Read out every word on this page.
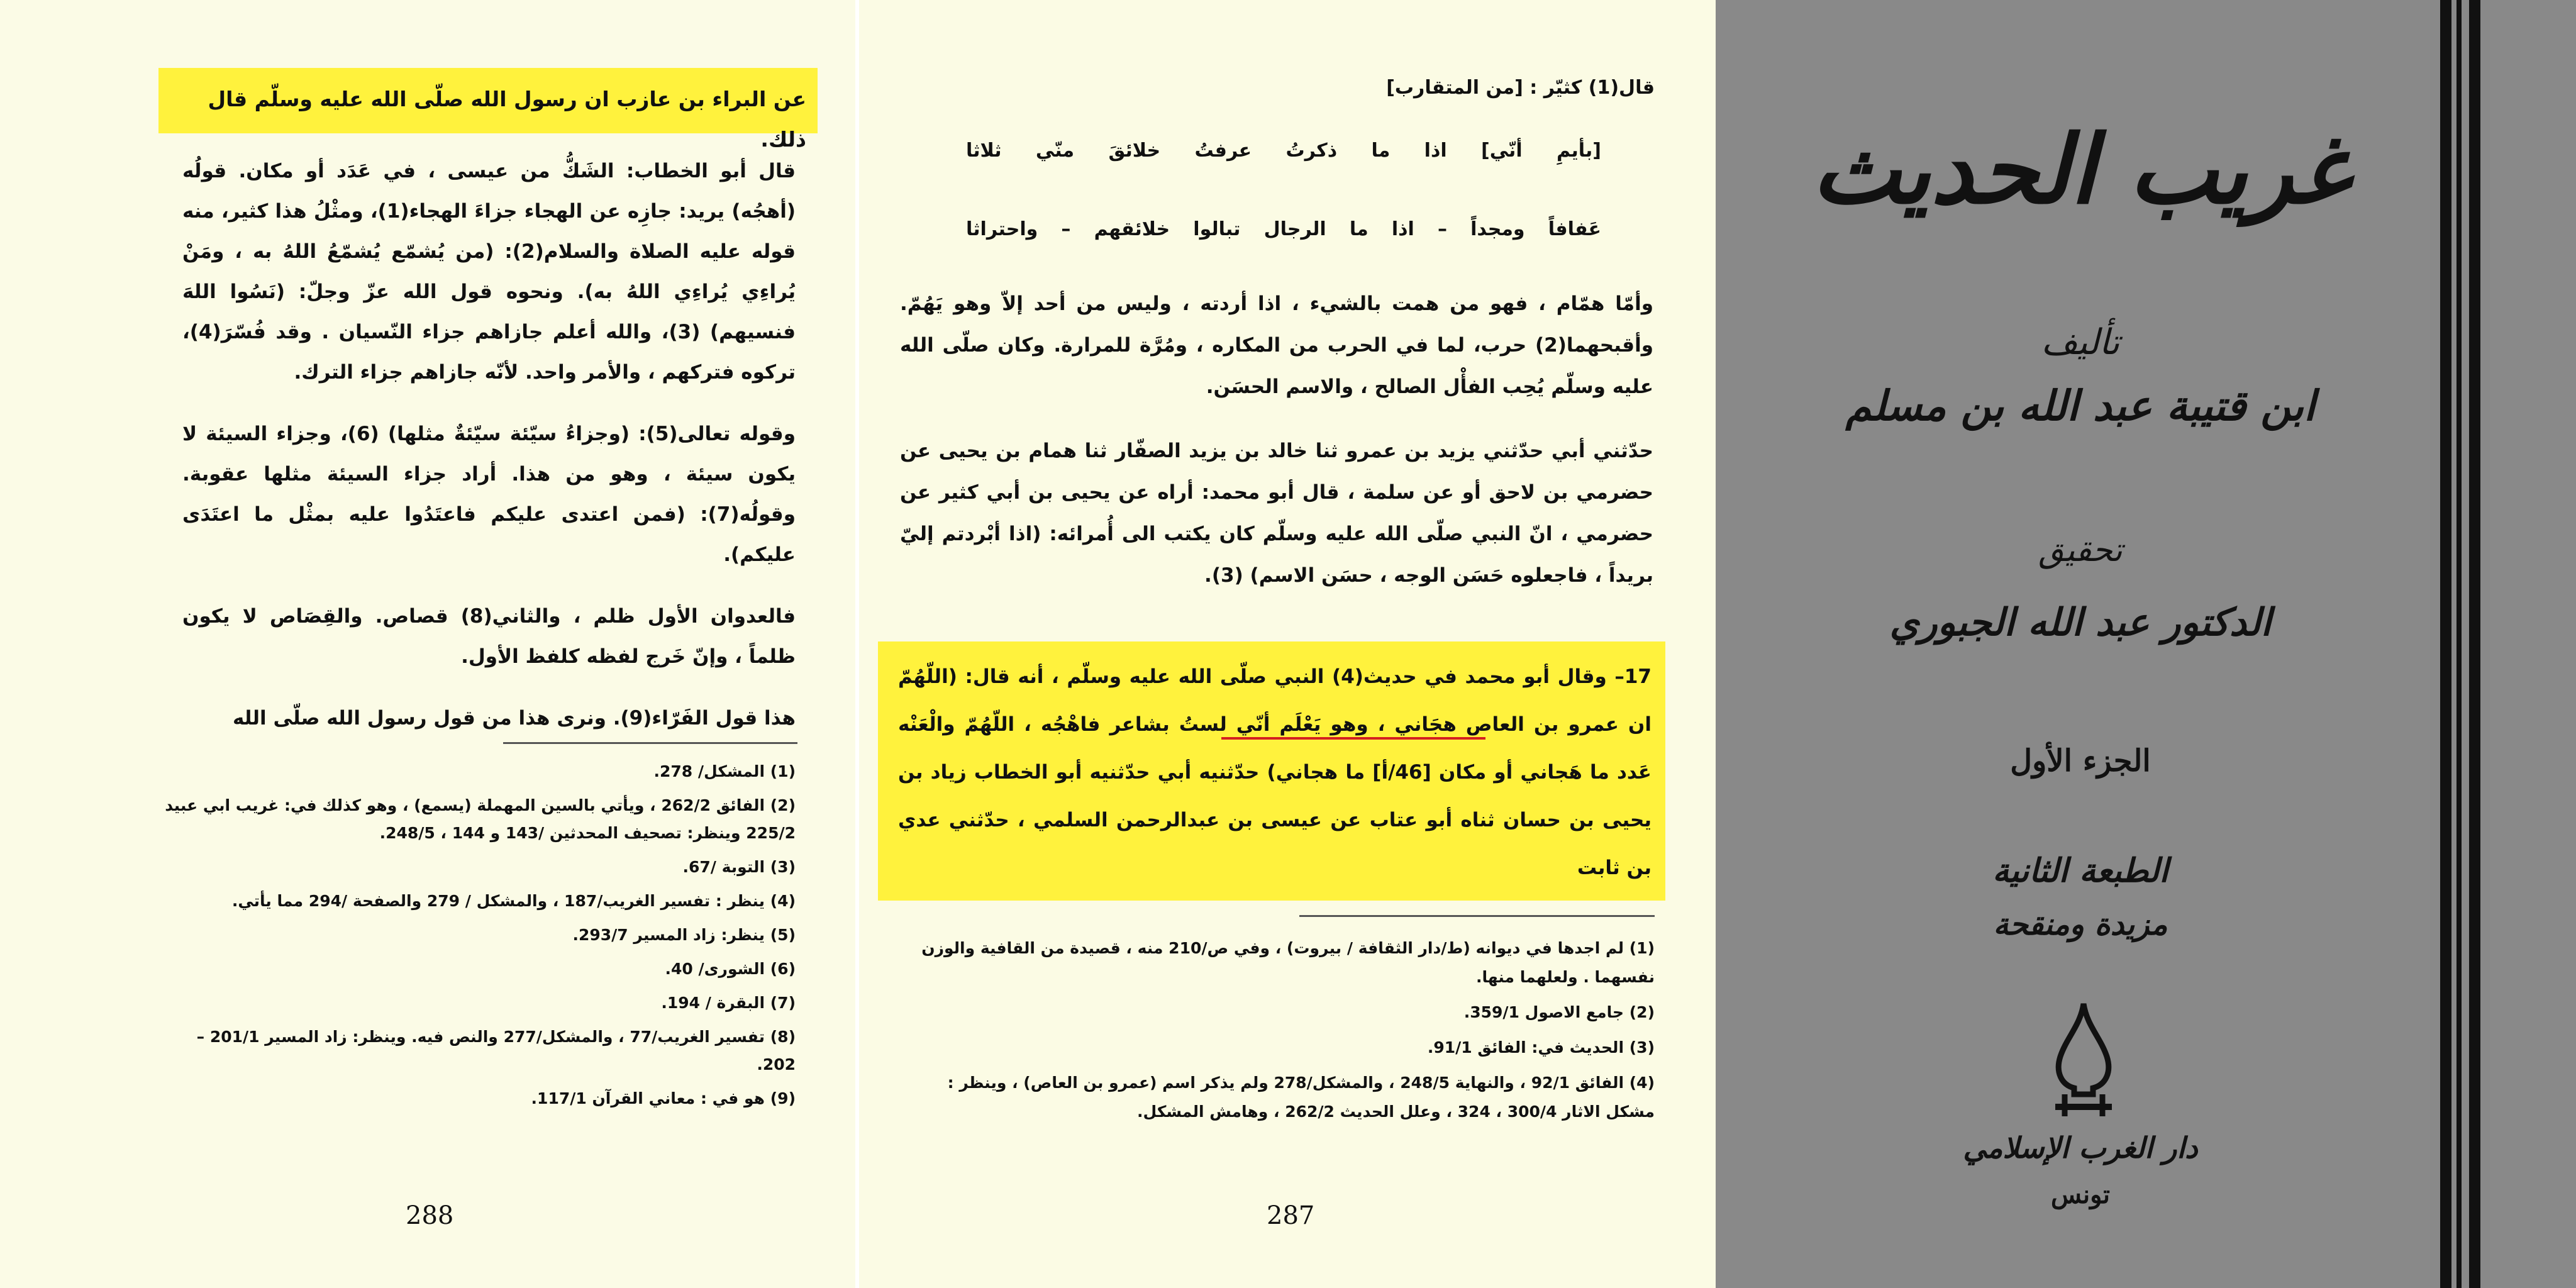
عن البراء بن عازب ان رسول الله صلّى الله عليه وسلّم قال ذلك.

قال أبو الخطاب: الشَكُّ من عيسى ، في عَدَد أو مكان. قولُه (أهجُه) يريد: جازِه عن الهجاء جزاءَ الهجاء(1)، ومثْلُ هذا كثير، منه قوله عليه الصلاة والسلام(2): (من يُشمّع يُشمّعُ اللهُ به ، ومَنْ يُراءِي يُراءِي اللهُ به). ونحوه قول الله عزّ وجلّ: (نَسُوا اللهَ فنسيهم) (3)، والله أعلم جازاهم جزاء النّسيان . وقد فُسّرَ(4)، تركوه فتركهم ، والأمر واحد. لأنّه جازاهم جزاء الترك.

وقوله تعالى(5): (وجزاءُ سيّئة سيّئةٌ مثلها) (6)، وجزاء السيئة لا يكون سيئة ، وهو من هذا. أراد جزاء السيئة مثلها عقوبة. وقولُه(7): (فمن اعتدى عليكم فاعتَدُوا عليه بمثْل ما اعتَدَى عليكم).

فالعدوان الأول ظلم ، والثاني(8) قصاص. والقِصَاص لا يكون ظلماً ، وإنّ خَرج لفظه كلفظ الأول.

هذا قول الفَرّاء(9). ونرى هذا من قول رسول الله صلّى الله

(1) المشكل/ 278.
(2) الفائق 262/2 ، ويأتي بالسين المهملة (يسمع) ، وهو كذلك في: غريب ابي عبيد 225/2 وينظر: تصحيف المحدثين /143 و 144 ، 248/5.
(3) التوبة /67.
(4) ينظر : تفسير الغريب/187 ، والمشكل / 279 والصفحة /294 مما يأتي.
(5) ينظر: زاد المسير 293/7.
(6) الشورى/ 40.
(7) البقرة / 194.
(8) تفسير الغريب/77 ، والمشكل/277 والنص فيه. وينظر: زاد المسير 201/1 – 202.
(9) هو في : معاني القرآن 117/1.
288
قال(1) كثيّر : [من المتقارب]
[بأيمِ أنّي] اذا ما ذكرتُ عرفتُ خلائقَ منّي ثلاثا
عَفافاً ومجداً – اذا ما الرجال تبالوا خلائقهم – واحتراثا

وأمّا همّام ، فهو من همت بالشيء ، اذا أردته ، وليس من أحد إلاّ وهو يَهُمّ. وأقبحهما(2) حرب، لما في الحرب من المكاره ، ومُرَّة للمرارة. وكان صلّى الله عليه وسلّم يُحِب الفأْل الصالح ، والاسم الحسَن.

حدّثني أبي حدّثني يزيد بن عمرو ثنا خالد بن يزيد الصفّار ثنا همام بن يحيى عن حضرمي بن لاحق أو عن سلمة ، قال أبو محمد: أراه عن يحيى بن أبي كثير عن حضرمي ، انّ النبي صلّى الله عليه وسلّم كان يكتب الى أُمرائه: (اذا أبْردتم إليّ بريداً ، فاجعلوه حَسَن الوجه ، حسَن الاسم) (3).

17– وقال أبو محمد في حديث(4) النبي صلّى الله عليه وسلّم ، أنه قال: (اللّهُمّ ان عمرو بن العاص هجَاني ، وهو يَعْلَم أنّي لستُ بشاعر فاهْجُه ، اللّهُمّ والْعَنْه عَدد ما هَجاني أو مكان [46/أ] ما هجاني) حدّثنيه أبي حدّثنيه أبو الخطاب زياد بن يحيى بن حسان ثناه أبو عتاب عن عيسى بن عبدالرحمن السلمي ، حدّثني عدي بن ثابت
(1) لم اجدها في ديوانه (ط/دار الثقافة / بيروت) ، وفي ص/210 منه ، قصيدة من القافية والوزن نفسهما . ولعلهما منها.
(2) جامع الاصول 359/1.
(3) الحديث في: الفائق 91/1.
(4) الفائق 92/1 ، والنهاية 248/5 ، والمشكل/278 ولم يذكر اسم (عمرو بن العاص) ، وينظر : مشكل الاثار 300/4 ، 324 ، وعلل الحديث 262/2 ، وهامش المشكل.
287
غريب الحديث
تأليف
ابن قتيبة عبد الله بن مسلم
تحقيق
الدكتور عبد الله الجبوري
الجزء الأول
الطبعة الثانية
مزيدة ومنقحة
دار الغرب الإسلامي
تونس
